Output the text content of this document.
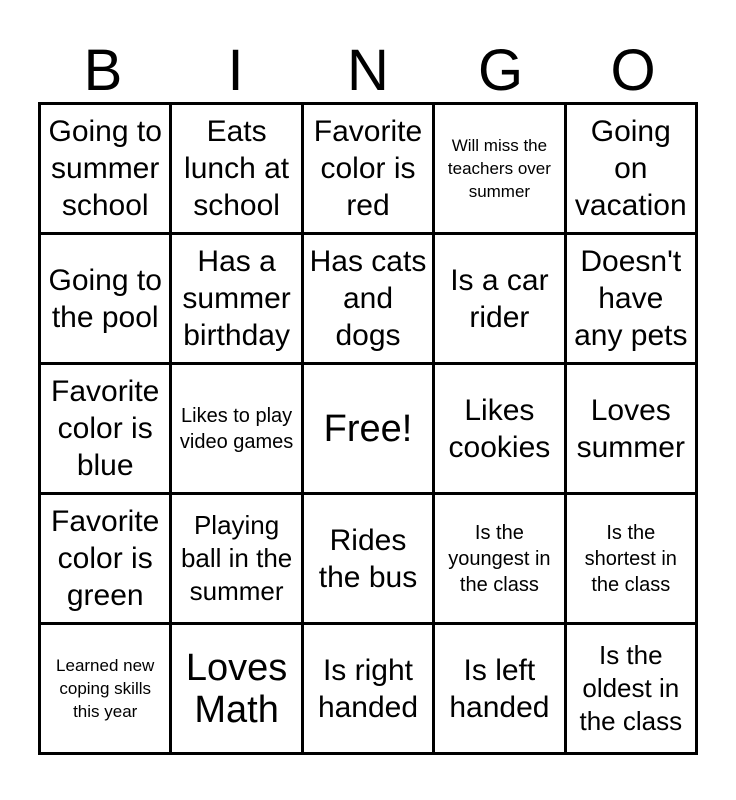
B	I	N	G	O
Going to summer school
Eats lunch at school
Favorite color is red
Will miss the teachers over summer
Going on vacation
Going to the pool
Has a summer birthday
Has cats and dogs
Is a car rider
Doesn't have any pets
Favorite color is blue
Likes to play video games Free!	Likes cookies
Loves summer
Favorite color is green
Playing ball in the summer
Rides the bus
Is the youngest in the class
Is the shortest in the class
Learned new coping skills this year
Loves Math
Is right handed
Is left handed
Is the oldest in the class
